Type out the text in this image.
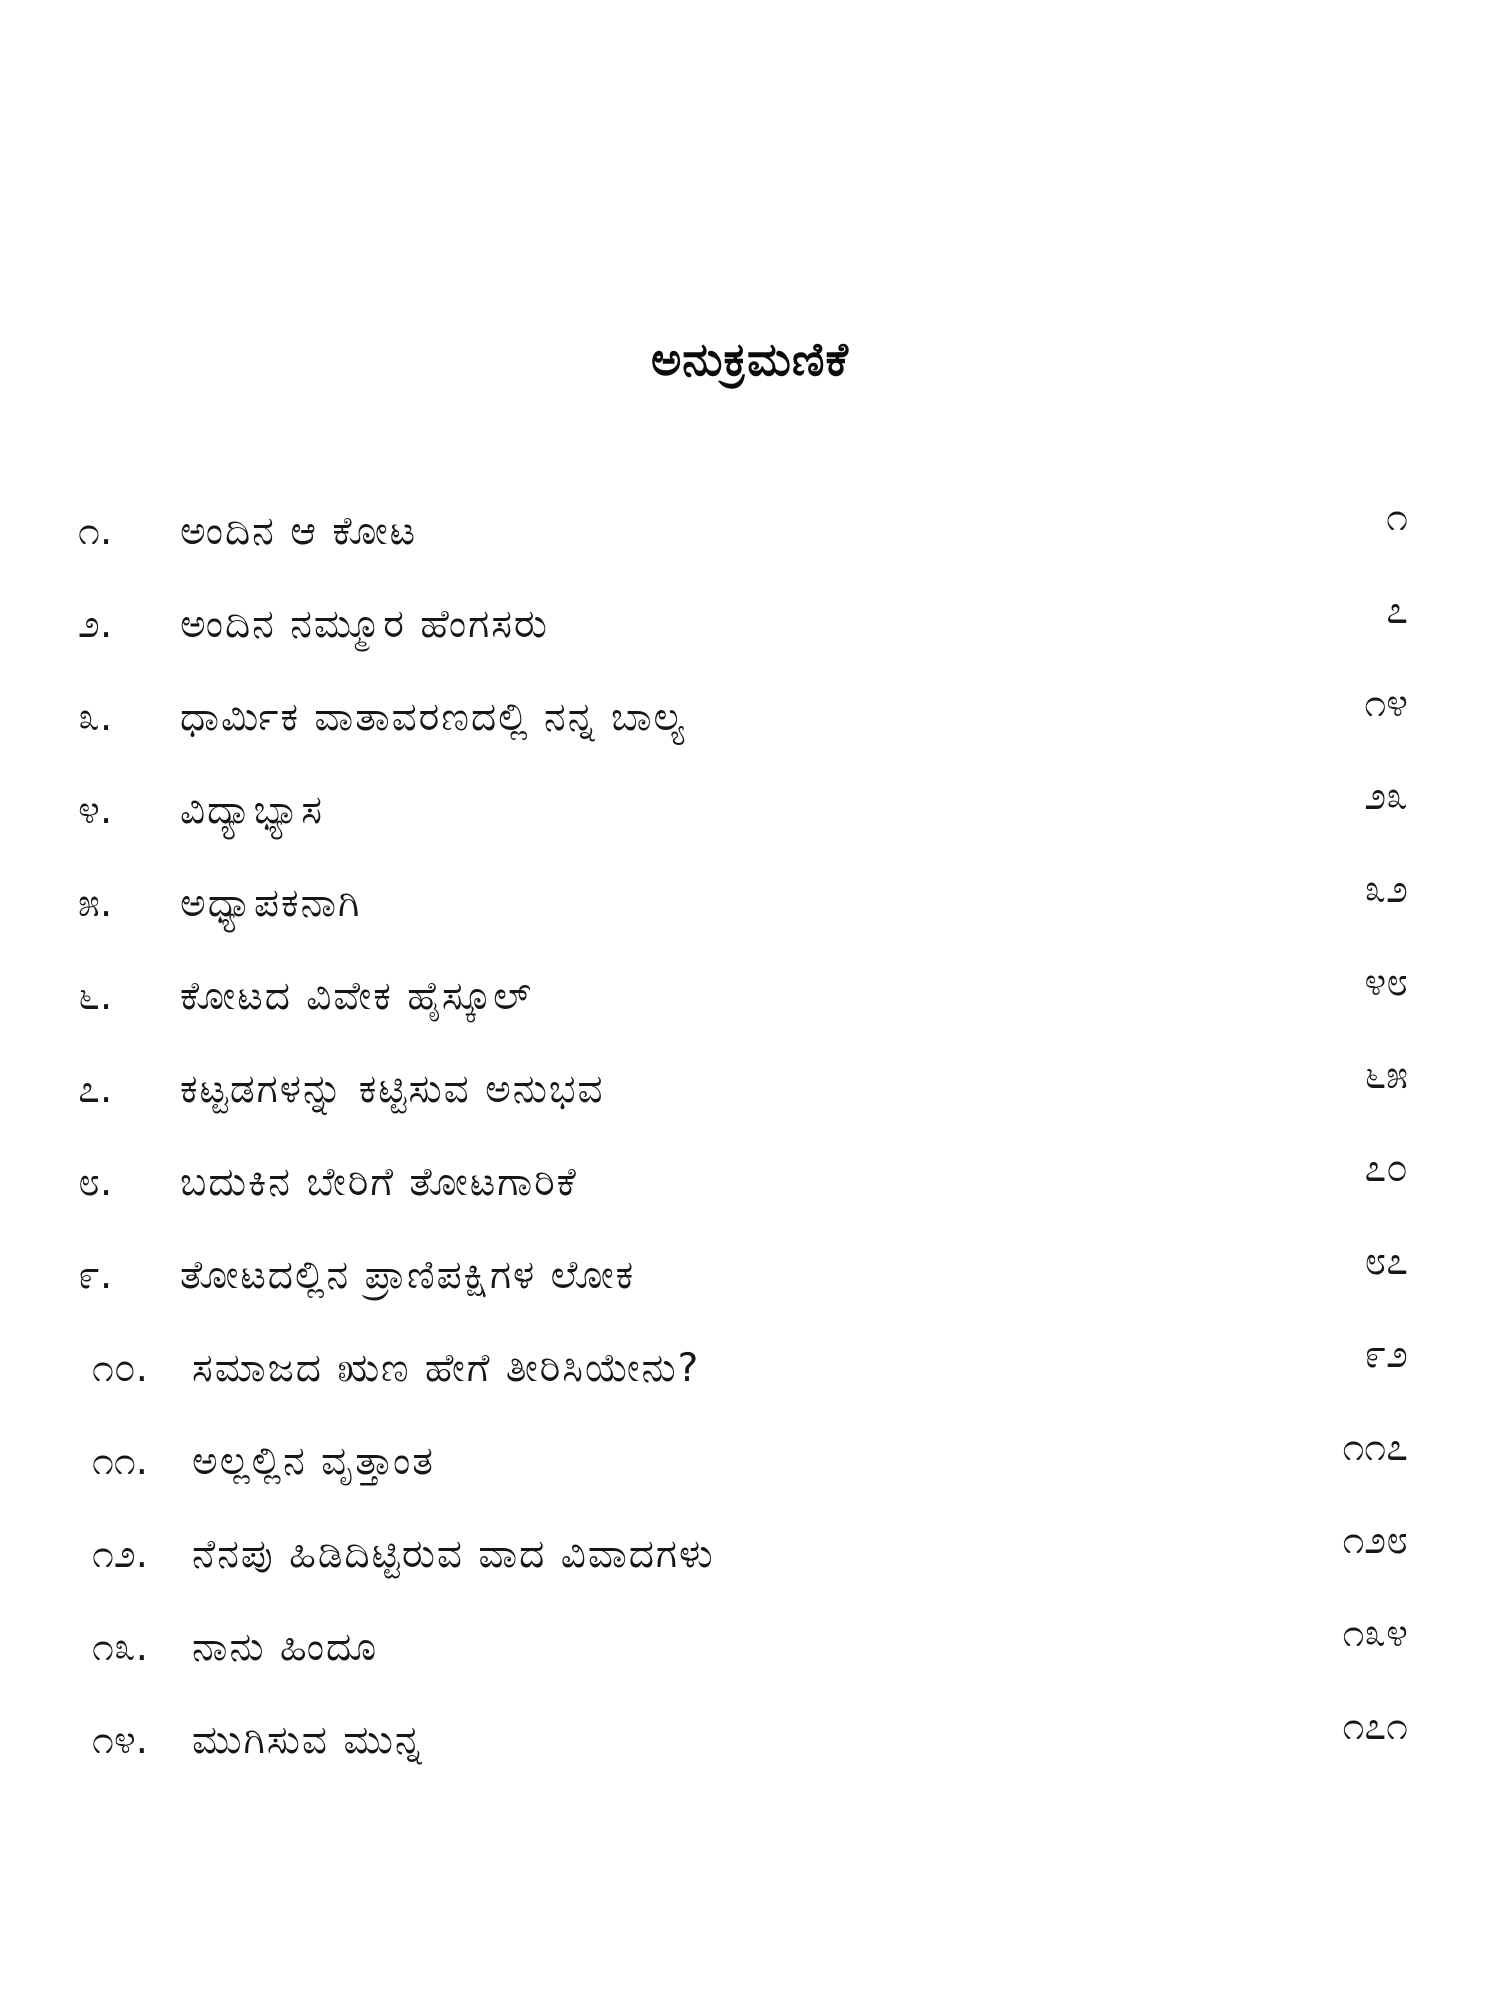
ಅನುಕ್ರಮಣಿಕೆ
೧. ಅಂದಿನ ಆ ಕೋಟ	೧
೨. ಅಂದಿನ ನಮ್ಮೂರ ಹೆಂಗಸರು	೭
೩. ಧಾರ್ಮಿಕ ವಾತಾವರಣದಲ್ಲಿ ನನ್ನ ಬಾಲ್ಯ	೧೪
೪. ವಿದ್ಯಾಭ್ಯಾಸ	೨೩
೫. ಅಧ್ಯಾಪಕನಾಗಿ	೩೨
೬. ಕೋಟದ ವಿವೇಕ ಹೈಸ್ಕೂಲ್	೪೮
೭. ಕಟ್ಟಡಗಳನ್ನು ಕಟ್ಟಿಸುವ ಅನುಭವ	೬೫
೮. ಬದುಕಿನ ಬೇರಿಗೆ ತೋಟಗಾರಿಕೆ	೭೦
೯. ತೋಟದಲ್ಲಿನ ಪ್ರಾಣಿಪಕ್ಷಿಗಳ ಲೋಕ	೮೭
೧೦. ಸಮಾಜದ ಋಣ ಹೇಗೆ ತೀರಿಸಿಯೇನು?	೯೨
೧೧. ಅಲ್ಲಲ್ಲಿನ ವೃತ್ತಾಂತ	೧೧೭
೧೨. ನೆನಪು ಹಿಡಿದಿಟ್ಟಿರುವ ವಾದ ವಿವಾದಗಳು	೧೨೮
೧೩. ನಾನು ಹಿಂದೂ	೧೩೪
೧೪. ಮುಗಿಸುವ ಮುನ್ನ	೧೭೧
